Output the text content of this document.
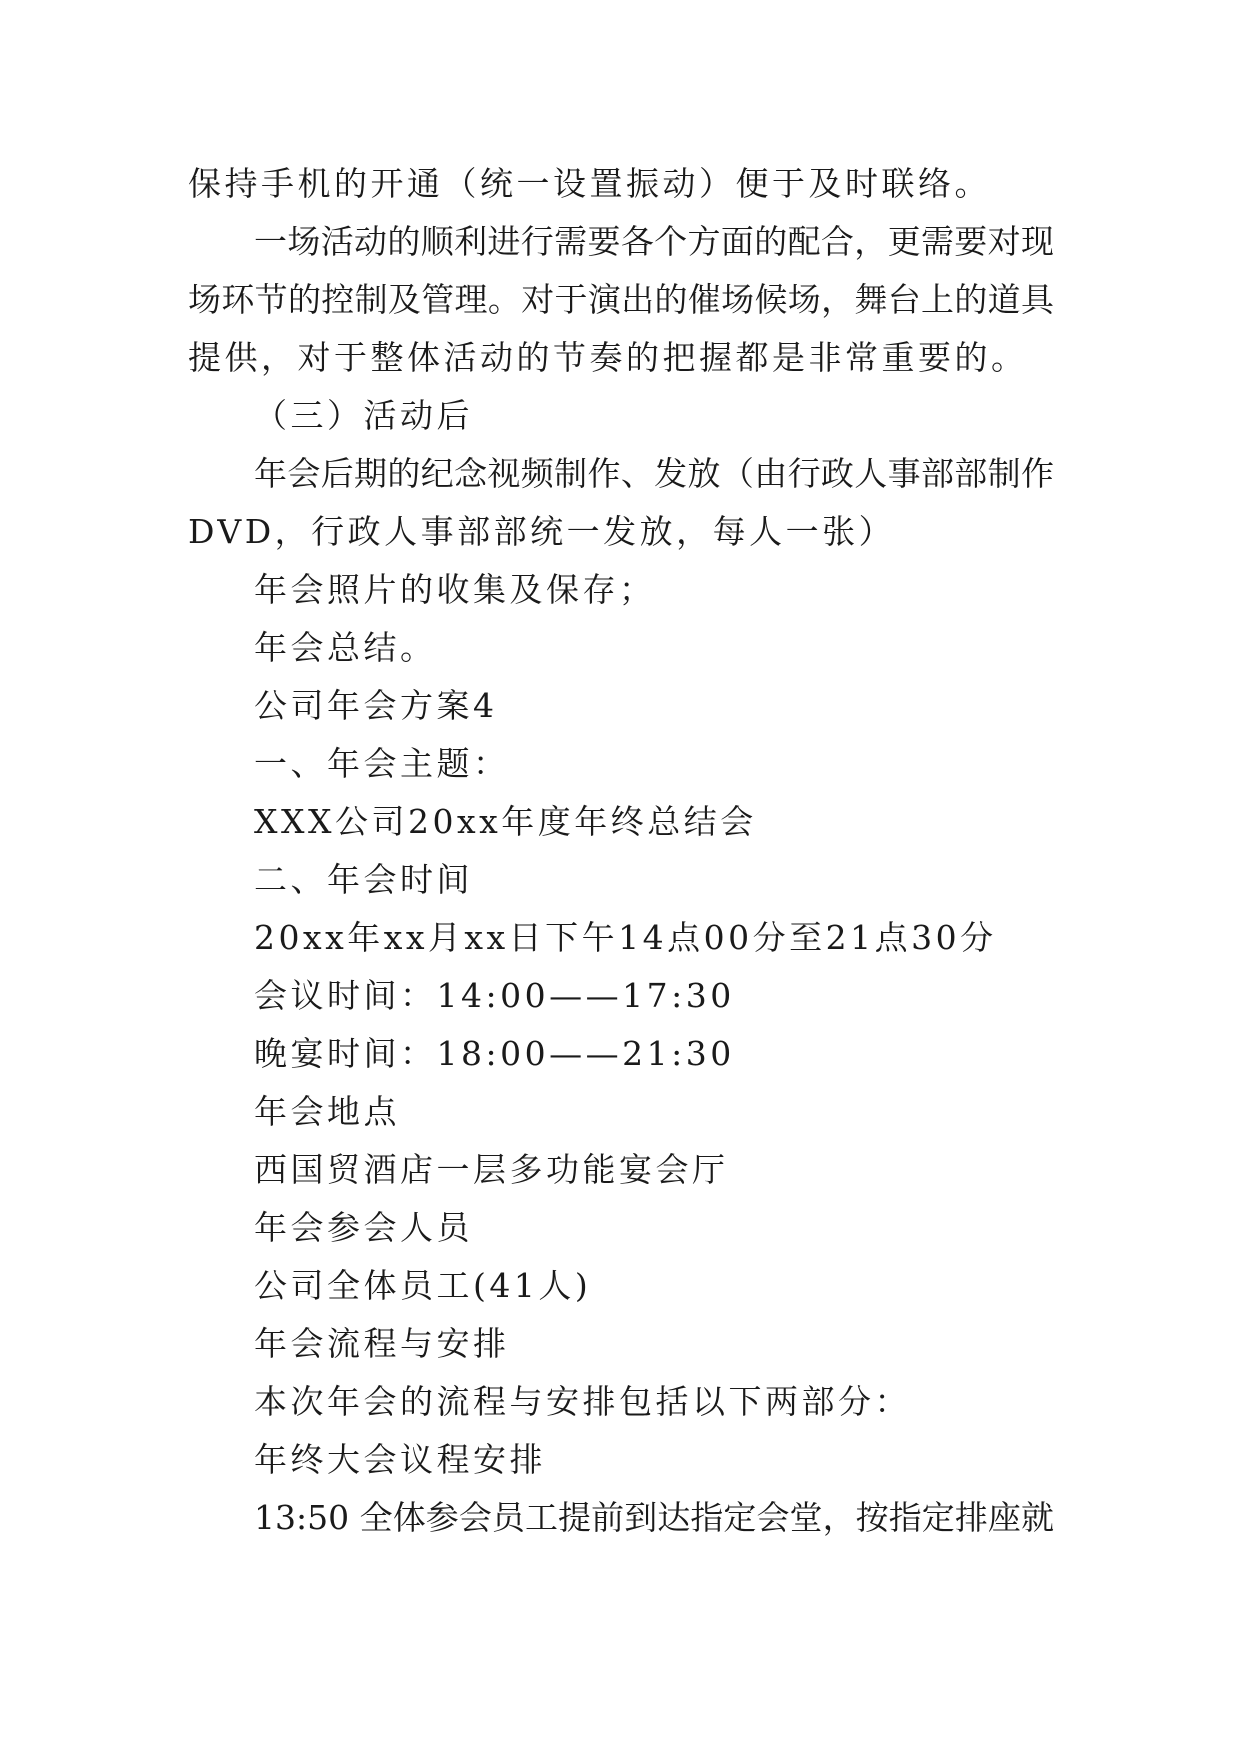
保持手机的开通（统一设置振动）便于及时联络。
一场活动的顺利进行需要各个方面的配合，更需要对现
场环节的控制及管理。对于演出的催场候场，舞台上的道具
提供，对于整体活动的节奏的把握都是非常重要的。
（三）活动后
年会后期的纪念视频制作、发放（由行政人事部部制作
DVD，行政人事部部统一发放，每人一张）
年会照片的收集及保存；
年会总结。
公司年会方案4
一、年会主题：
XXX公司20xx年度年终总结会
二、年会时间
20xx年xx月xx日下午14点00分至21点30分
会议时间：14:00——17:30
晚宴时间：18:00——21:30
年会地点
西国贸酒店一层多功能宴会厅
年会参会人员
公司全体员工(41人)
年会流程与安排
本次年会的流程与安排包括以下两部分：
年终大会议程安排
13:50 全体参会员工提前到达指定会堂，按指定排座就
